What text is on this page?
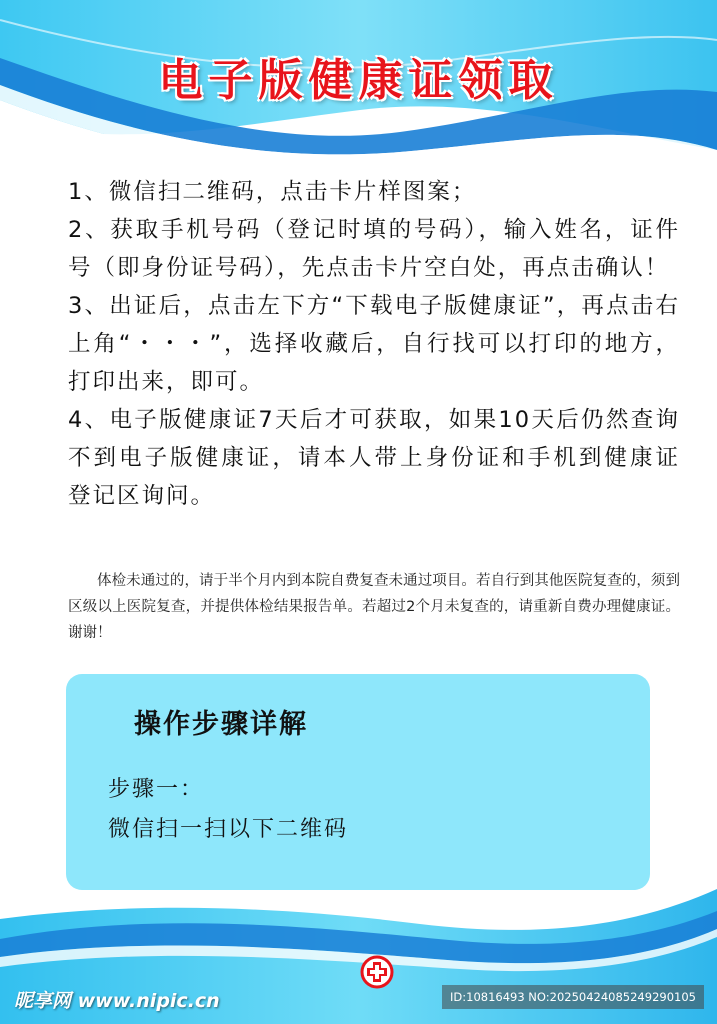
电子版健康证领取

1、微信扫二维码，点击卡片样图案；

2、获取手机号码（登记时填的号码），输入姓名，证件号（即身份证号码），先点击卡片空白处，再点击确认！

3、出证后，点击左下方“下载电子版健康证”，再点击右上角“・・・”，选择收藏后，自行找可以打印的地方，打印出来，即可。

4、电子版健康证7天后才可获取，如果10天后仍然查询不到电子版健康证，请本人带上身份证和手机到健康证登记区询问。

体检未通过的，请于半个月内到本院自费复查未通过项目。若自行到其他医院复查的，须到区级以上医院复查，并提供体检结果报告单。若超过2个月未复查的，请重新自费办理健康证。谢谢！
操作步骤详解
步骤一：
微信扫一扫以下二维码
昵享网 www.nipic.cn	ID:10816493 NO:20250424085249290105
